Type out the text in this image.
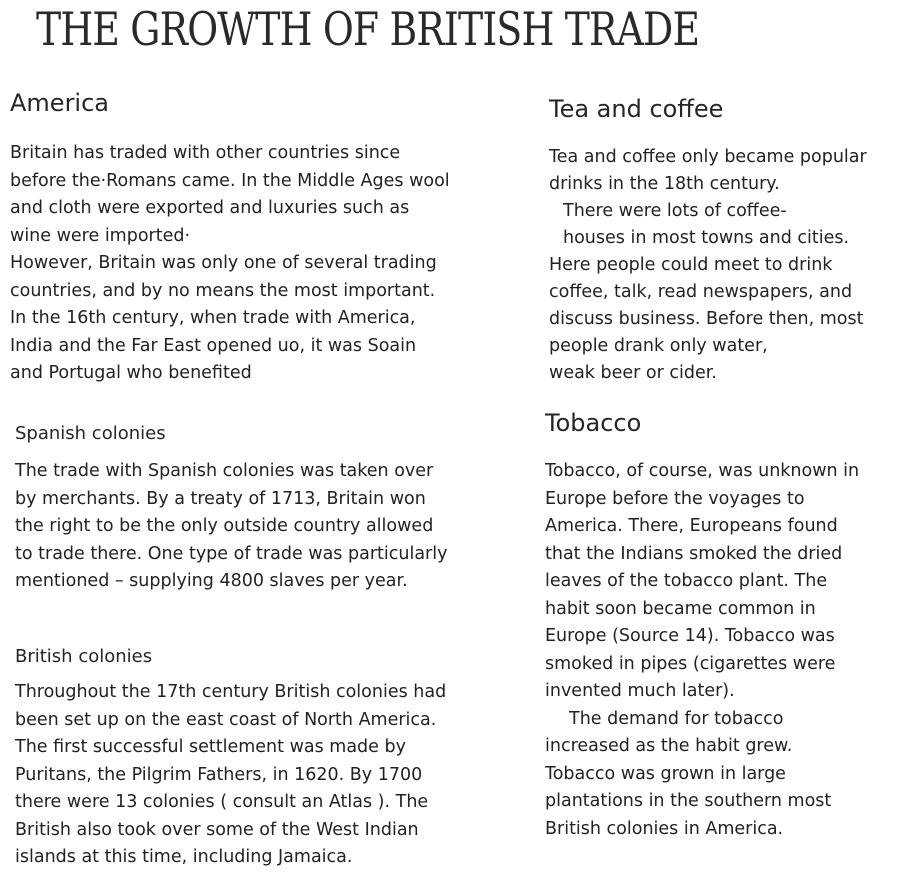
THE GROWTH OF BRITISH TRADE
America
Britain has traded with other countries since
before the·Romans came. In the Middle Ages wool
and cloth were exported and luxuries such as
wine were imported·
However, Britain was only one of several trading
countries, and by no means the most important.
In the 16th century, when trade with America,
India and the Far East opened uo, it was Soain
and Portugal who benefited
Spanish colonies
The trade with Spanish colonies was taken over
by merchants. By a treaty of 1713, Britain won
the right to be the only outside country allowed
to trade there. One type of trade was particularly
mentioned – supplying 4800 slaves per year.
British colonies
Throughout the 17th century British colonies had
been set up on the east coast of North America.
The first successful settlement was made by
Puritans, the Pilgrim Fathers, in 1620. By 1700
there were 13 colonies ( consult an Atlas ). The
British also took over some of the West Indian
islands at this time, including Jamaica.
Tea and coffee
Tea and coffee only became popular
drinks in the 18th century.
There were lots of coffee-
houses in most towns and cities.
Here people could meet to drink
coffee, talk, read newspapers, and
discuss business. Before then, most
people drank only water,
weak beer or cider.
Tobacco
Tobacco, of course, was unknown in
Europe before the voyages to
America. There, Europeans found
that the Indians smoked the dried
leaves of the tobacco plant. The
habit soon became common in
Europe (Source 14). Tobacco was
smoked in pipes (cigarettes were
invented much later).
The demand for tobacco
increased as the habit grew.
Tobacco was grown in large
plantations in the southern most
British colonies in America.
